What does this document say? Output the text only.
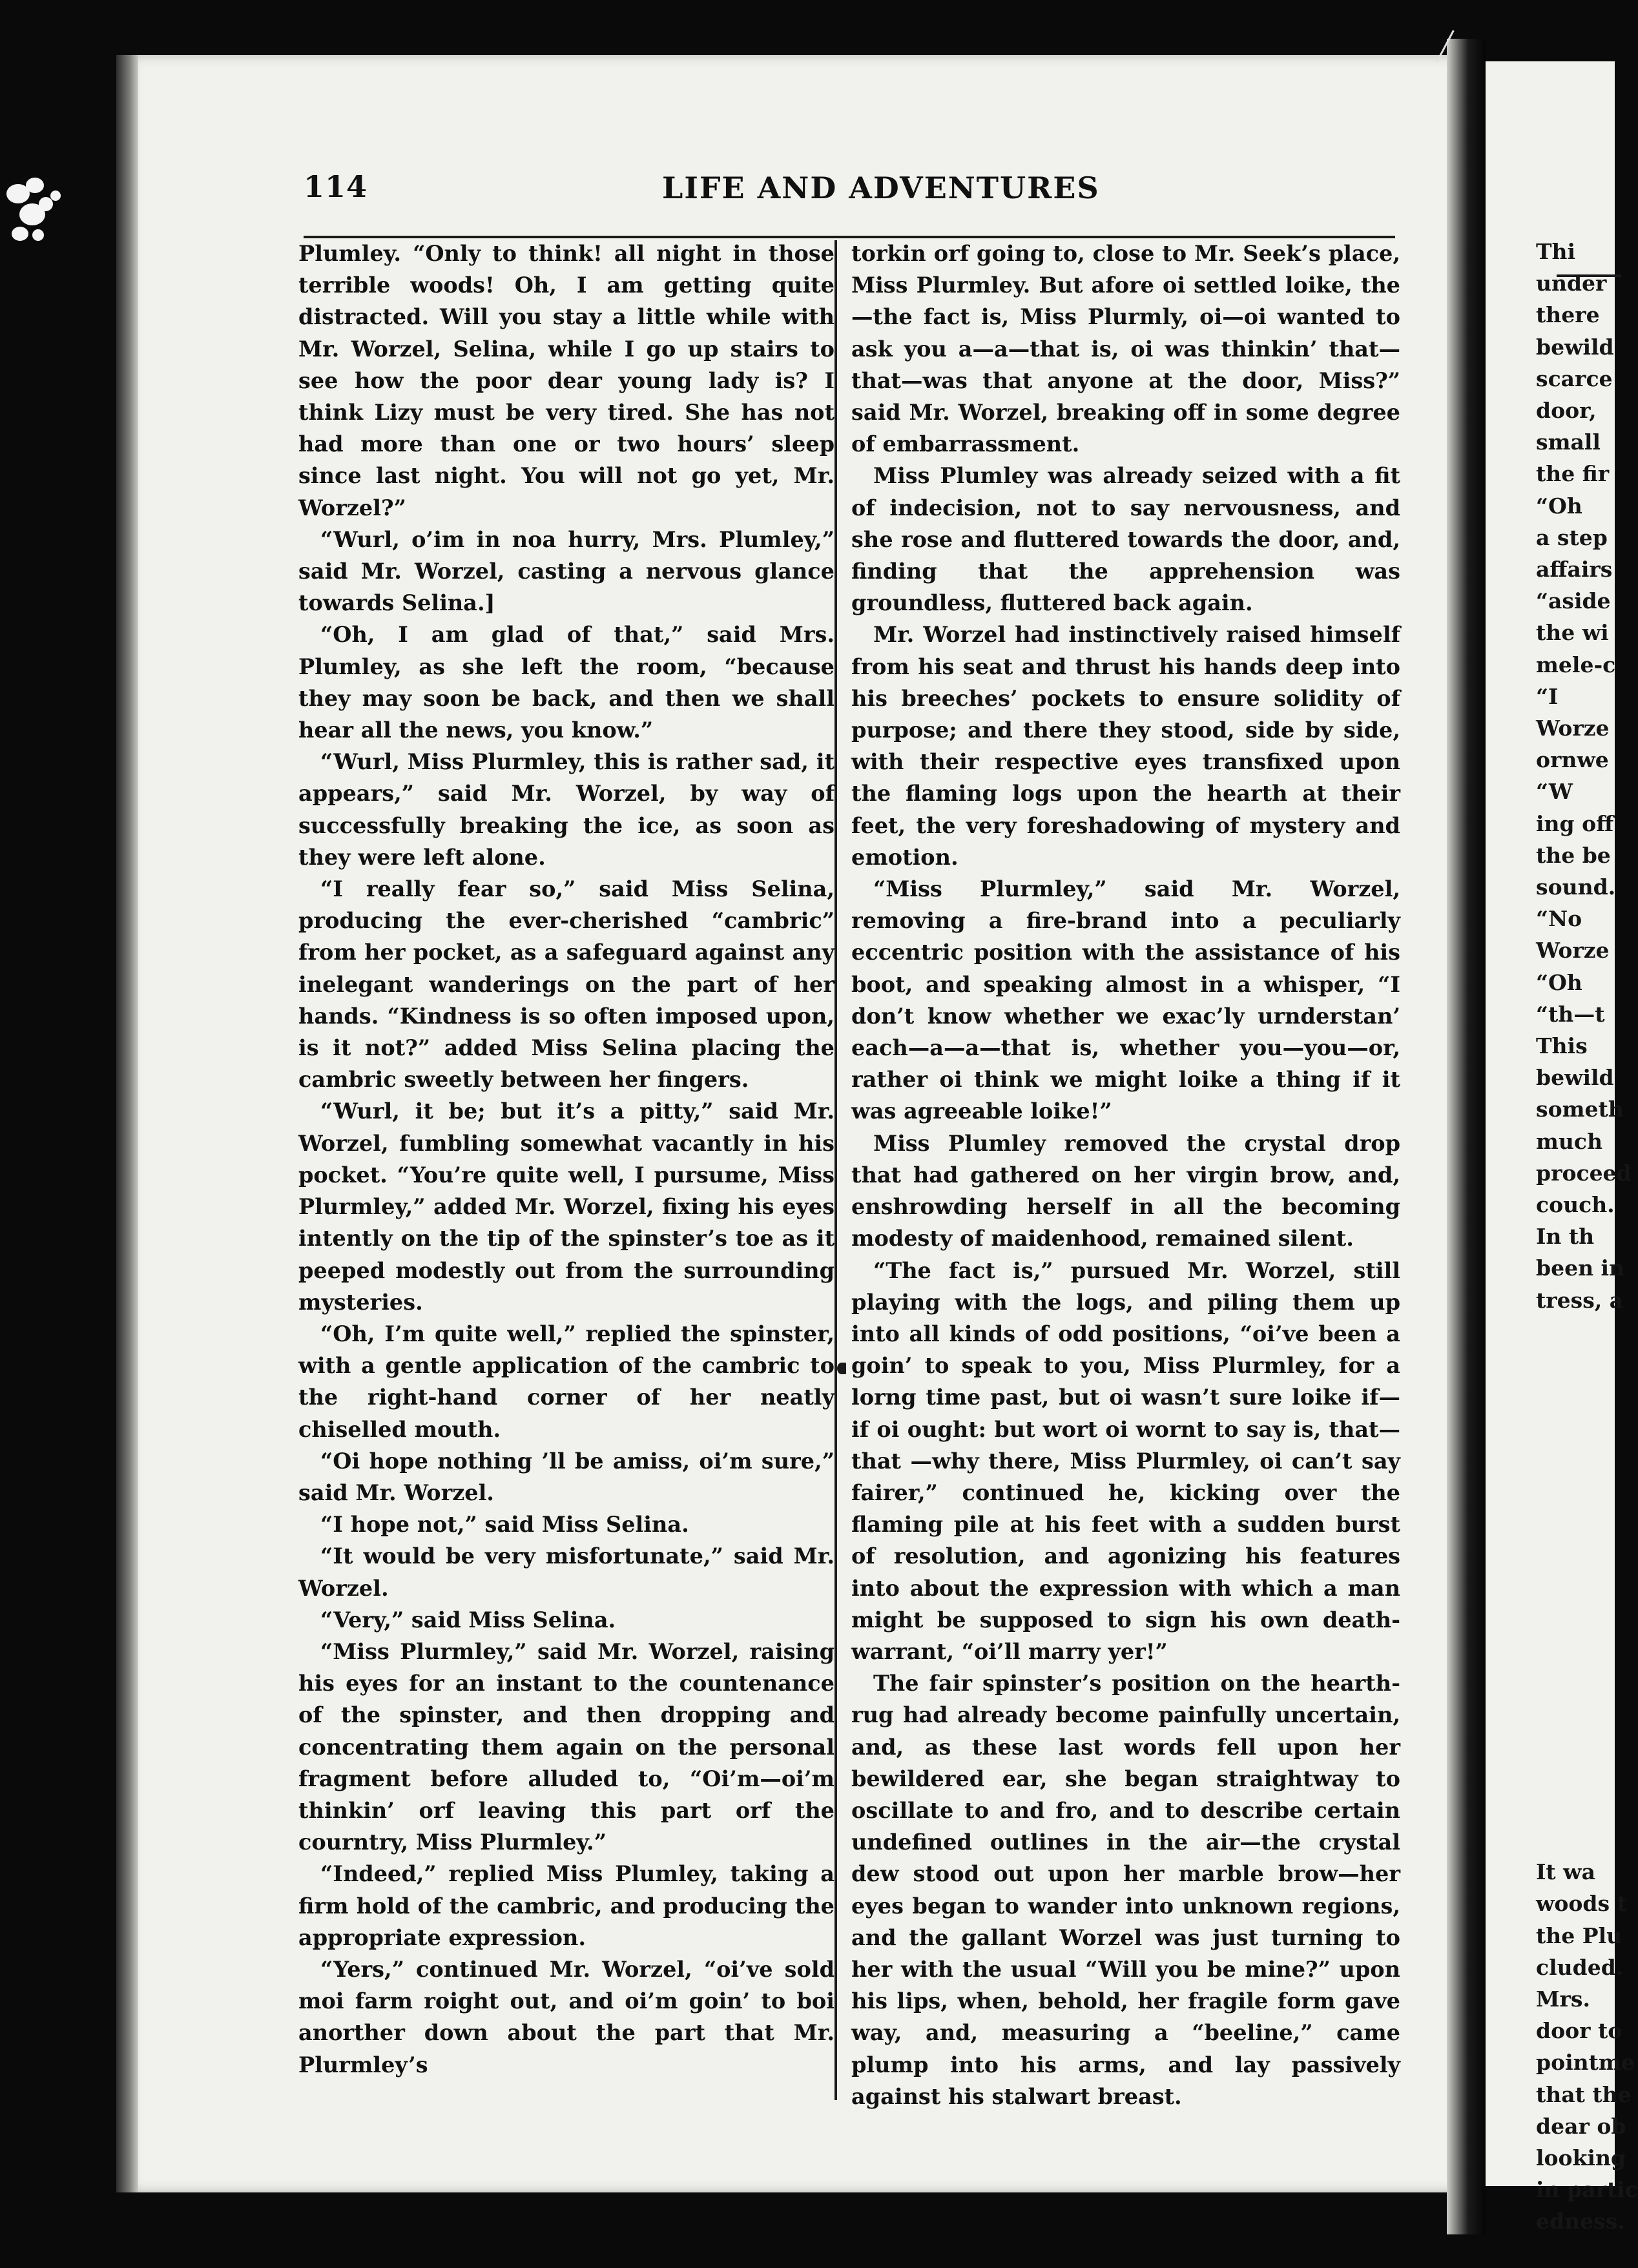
114	LIFE AND ADVENTURES

Plumley. “Only to think! all night in those terrible woods! Oh, I am getting quite distracted. Will you stay a little while with Mr. Worzel, Selina, while I go up stairs to see how the poor dear young lady is? I think Lizy must be very tired. She has not had more than one or two hours’ sleep since last night. You will not go yet, Mr. Worzel?”

“Wurl, o’im in noa hurry, Mrs. Plumley,” said Mr. Worzel, casting a nervous glance towards Selina.]

“Oh, I am glad of that,” said Mrs. Plumley, as she left the room, “because they may soon be back, and then we shall hear all the news, you know.”

“Wurl, Miss Plurmley, this is rather sad, it appears,” said Mr. Worzel, by way of successfully breaking the ice, as soon as they were left alone.

“I really fear so,” said Miss Selina, producing the ever-cherished “cambric” from her pocket, as a safeguard against any inelegant wanderings on the part of her hands. “Kindness is so often imposed upon, is it not?” added Miss Selina placing the cambric sweetly between her fingers.

“Wurl, it be; but it’s a pitty,” said Mr. Worzel, fumbling somewhat vacantly in his pocket. “You’re quite well, I pursume, Miss Plurmley,” added Mr. Worzel, fixing his eyes intently on the tip of the spinster’s toe as it peeped modestly out from the surrounding mysteries.

“Oh, I’m quite well,” replied the spinster, with a gentle application of the cambric to the right-hand corner of her neatly chiselled mouth.

“Oi hope nothing ’ll be amiss, oi’m sure,” said Mr. Worzel.

“I hope not,” said Miss Selina.

“It would be very misfortunate,” said Mr. Worzel.

“Very,” said Miss Selina.

“Miss Plurmley,” said Mr. Worzel, raising his eyes for an instant to the countenance of the spinster, and then dropping and concentrating them again on the personal fragment before alluded to, “Oi’m—oi’m thinkin’ orf leaving this part orf the courntry, Miss Plurmley.”

“Indeed,” replied Miss Plumley, taking a firm hold of the cambric, and producing the appropriate expression.

“Yers,” continued Mr. Worzel, “oi’ve sold moi farm roight out, and oi’m goin’ to boi anorther down about the part that Mr. Plurmley’s

torkin orf going to, close to Mr. Seek’s place, Miss Plurmley. But afore oi settled loike, the—the fact is, Miss Plurmly, oi—oi wanted to ask you a—a—that is, oi was thinkin’ that—that—was that anyone at the door, Miss?” said Mr. Worzel, breaking off in some degree of embarrassment.

Miss Plumley was already seized with a fit of indecision, not to say nervousness, and she rose and fluttered towards the door, and, finding that the apprehension was groundless, fluttered back again.

Mr. Worzel had instinctively raised himself from his seat and thrust his hands deep into his breeches’ pockets to ensure solidity of purpose; and there they stood, side by side, with their respective eyes transfixed upon the flaming logs upon the hearth at their feet, the very foreshadowing of mystery and emotion.

“Miss Plurmley,” said Mr. Worzel, removing a fire-brand into a peculiarly eccentric position with the assistance of his boot, and speaking almost in a whisper, “I don’t know whether we exac’ly urnderstan’ each—a—a—that is, whether you—you—or, rather oi think we might loike a thing if it was agreeable loike!”

Miss Plumley removed the crystal drop that had gathered on her virgin brow, and, enshrowding herself in all the becoming modesty of maidenhood, remained silent.

“The fact is,” pursued Mr. Worzel, still playing with the logs, and piling them up into all kinds of odd positions, “oi’ve been a goin’ to speak to you, Miss Plurmley, for a lorng time past, but oi wasn’t sure loike if—if oi ought: but wort oi wornt to say is, that—that —why there, Miss Plurmley, oi can’t say fairer,” continued he, kicking over the flaming pile at his feet with a sudden burst of resolution, and agonizing his features into about the expression with which a man might be supposed to sign his own death-warrant, “oi’ll marry yer!”

The fair spinster’s position on the hearth-rug had already become painfully uncertain, and, as these last words fell upon her bewildered ear, she began straightway to oscillate to and fro, and to describe certain undefined outlines in the air—the crystal dew stood out upon her marble brow—her eyes began to wander into unknown regions, and the gallant Worzel was just turning to her with the usual “Will you be mine?” upon his lips, when, behold, her fragile form gave way, and, measuring a “beeline,” came plump into his arms, and lay passively against his stalwart breast.

Thi
under
there
bewild
scarce
door,
small
the fir
“Oh
a step
affairs
“aside
the wi
mele-c
“I
Worze
ornwe
“W
ing off
the be
sound.
“No
Worze
“Oh
“th—t
This
bewild
someth
much
proceed
couch.
In th
been in
tress, a
It wa
woods t
the Plu
cluded.
Mrs.
door to
pointme
that the
dear ob
looking
in partic
edness.
